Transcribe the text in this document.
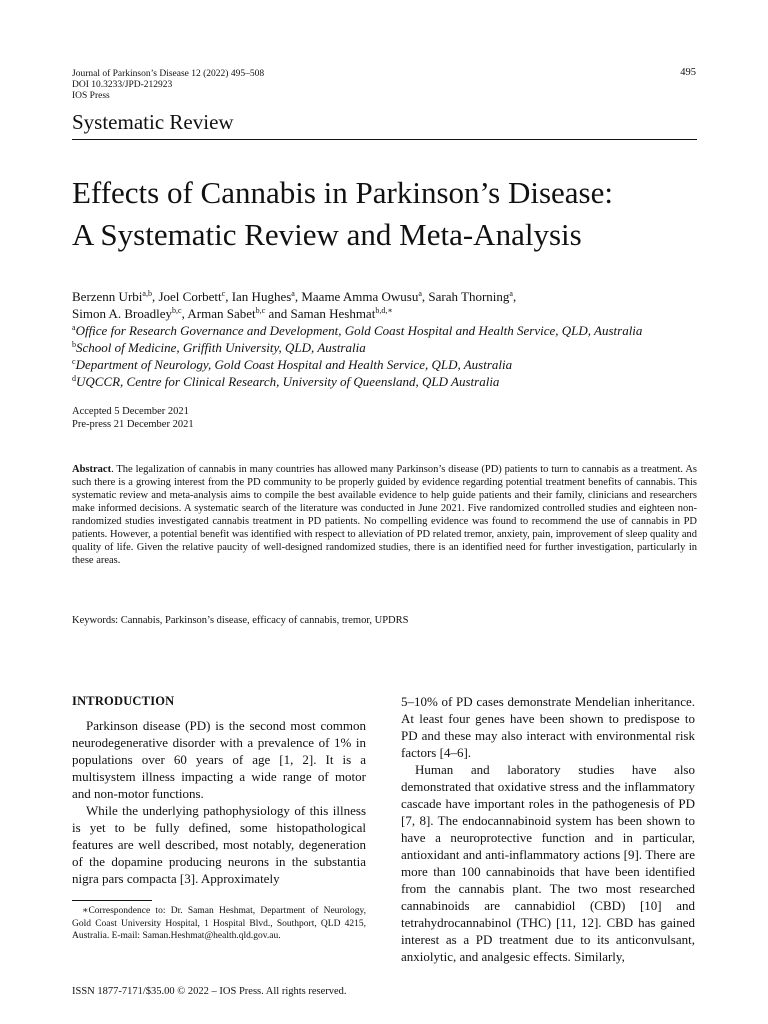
Journal of Parkinson’s Disease 12 (2022) 495–508
DOI 10.3233/JPD-212923
IOS Press
495
Systematic Review
Effects of Cannabis in Parkinson’s Disease:
A Systematic Review and Meta-Analysis
Berzenn Urbi$^{a,b}$, Joel Corbett$^c$, Ian Hughes$^a$, Maame Amma Owusu$^a$, Sarah Thorning$^a$,
Simon A. Broadley$^{b,c}$, Arman Sabet$^{b,c}$ and Saman Heshmat$^{b,d,∗}$
$^a$Office for Research Governance and Development, Gold Coast Hospital and Health Service, QLD, Australia
$^b$School of Medicine, Griffith University, QLD, Australia
$^c$Department of Neurology, Gold Coast Hospital and Health Service, QLD, Australia
$^d$UQCCR, Centre for Clinical Research, University of Queensland, QLD Australia
Accepted 5 December 2021
Pre-press 21 December 2021
Abstract. The legalization of cannabis in many countries has allowed many Parkinson’s disease (PD) patients to turn to cannabis as a treatment. As such there is a growing interest from the PD community to be properly guided by evidence regarding potential treatment benefits of cannabis. This systematic review and meta-analysis aims to compile the best available evidence to help guide patients and their family, clinicians and researchers make informed decisions. A systematic search of the literature was conducted in June 2021. Five randomized controlled studies and eighteen non-randomized studies investigated cannabis treatment in PD patients. No compelling evidence was found to recommend the use of cannabis in PD patients. However, a potential benefit was identified with respect to alleviation of PD related tremor, anxiety, pain, improvement of sleep quality and quality of life. Given the relative paucity of well-designed randomized studies, there is an identified need for further investigation, particularly in these areas.
Keywords: Cannabis, Parkinson’s disease, efficacy of cannabis, tremor, UPDRS
INTRODUCTION

Parkinson disease (PD) is the second most common neurodegenerative disorder with a prevalence of 1% in populations over 60 years of age [1, 2]. It is a multisystem illness impacting a wide range of motor and non-motor functions.

While the underlying pathophysiology of this illness is yet to be fully defined, some histopathological features are well described, most notably, degeneration of the dopamine producing neurons in the substantia nigra pars compacta [3]. Approximately

5–10% of PD cases demonstrate Mendelian inheritance. At least four genes have been shown to predispose to PD and these may also interact with environmental risk factors [4–6].

Human and laboratory studies have also demonstrated that oxidative stress and the inflammatory cascade have important roles in the pathogenesis of PD [7, 8]. The endocannabinoid system has been shown to have a neuroprotective function and in particular, antioxidant and anti-inflammatory actions [9]. There are more than 100 cannabinoids that have been identified from the cannabis plant. The two most researched cannabinoids are cannabidiol (CBD) [10] and tetrahydrocannabinol (THC) [11, 12]. CBD has gained interest as a PD treatment due to its anticonvulsant, anxiolytic, and analgesic effects. Similarly,

∗Correspondence to: Dr. Saman Heshmat, Department of Neurology, Gold Coast University Hospital, 1 Hospital Blvd., Southport, QLD 4215, Australia. E-mail: Saman.Heshmat@health.qld.gov.au.
ISSN 1877-7171/$35.00 © 2022 – IOS Press. All rights reserved.
